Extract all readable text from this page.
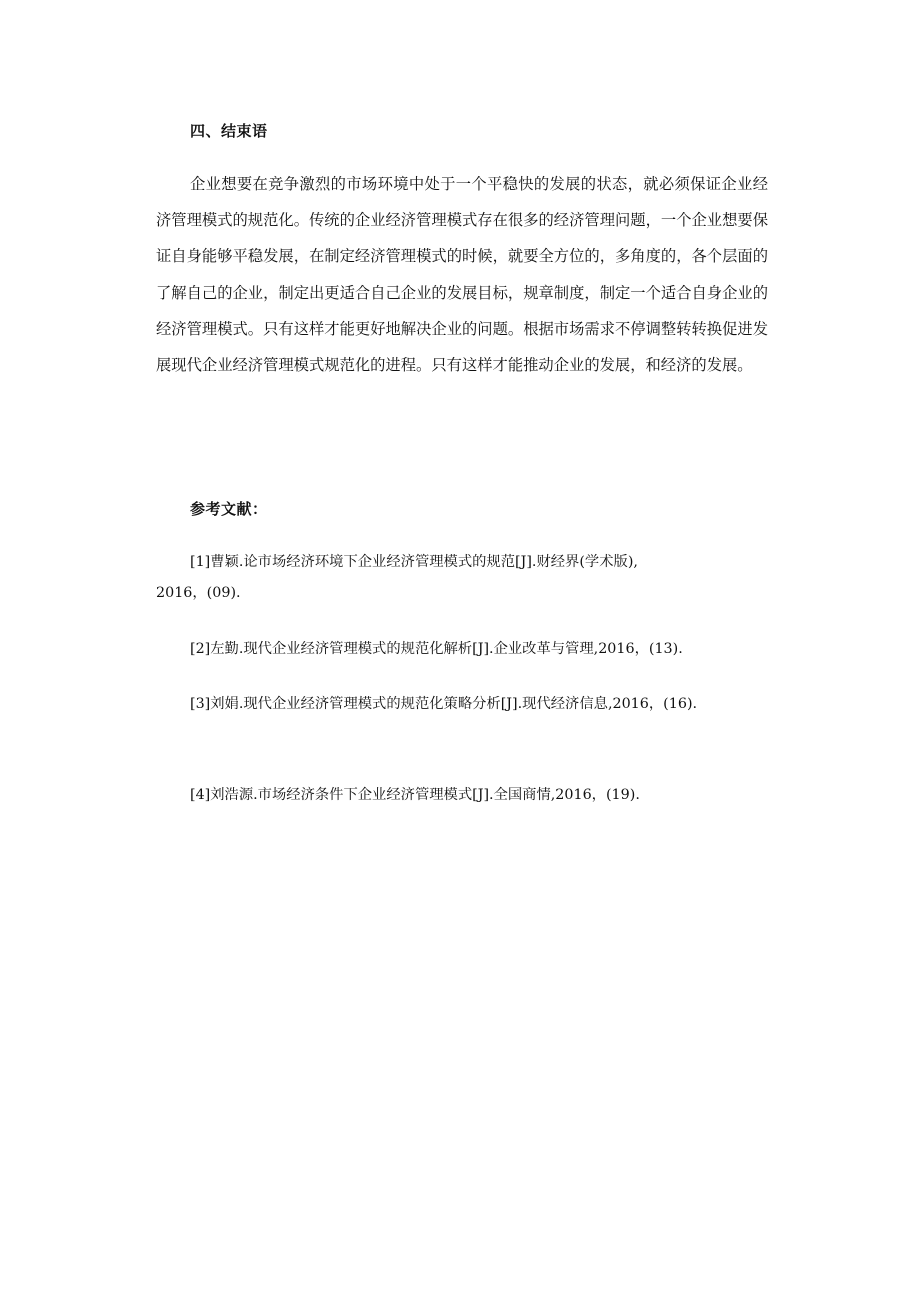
四、结束语

企业想要在竞争激烈的市场环境中处于一个平稳快的发展的状态，就必须保证企业经济管理模式的规范化。传统的企业经济管理模式存在很多的经济管理问题，一个企业想要保证自身能够平稳发展，在制定经济管理模式的时候，就要全方位的，多角度的，各个层面的了解自己的企业，制定出更适合自己企业的发展目标，规章制度，制定一个适合自身企业的经济管理模式。只有这样才能更好地解决企业的问题。根据市场需求不停调整转转换促进发展现代企业经济管理模式规范化的进程。只有这样才能推动企业的发展，和经济的发展。

参考文献：

[1]曹颖.论市场经济环境下企业经济管理模式的规范[J].财经界(学术版),
2016，(09).

[2]左勤.现代企业经济管理模式的规范化解析[J].企业改革与管理,2016，(13).

[3]刘娟.现代企业经济管理模式的规范化策略分析[J].现代经济信息,2016，(16).

[4]刘浩源.市场经济条件下企业经济管理模式[J].全国商情,2016，(19).
